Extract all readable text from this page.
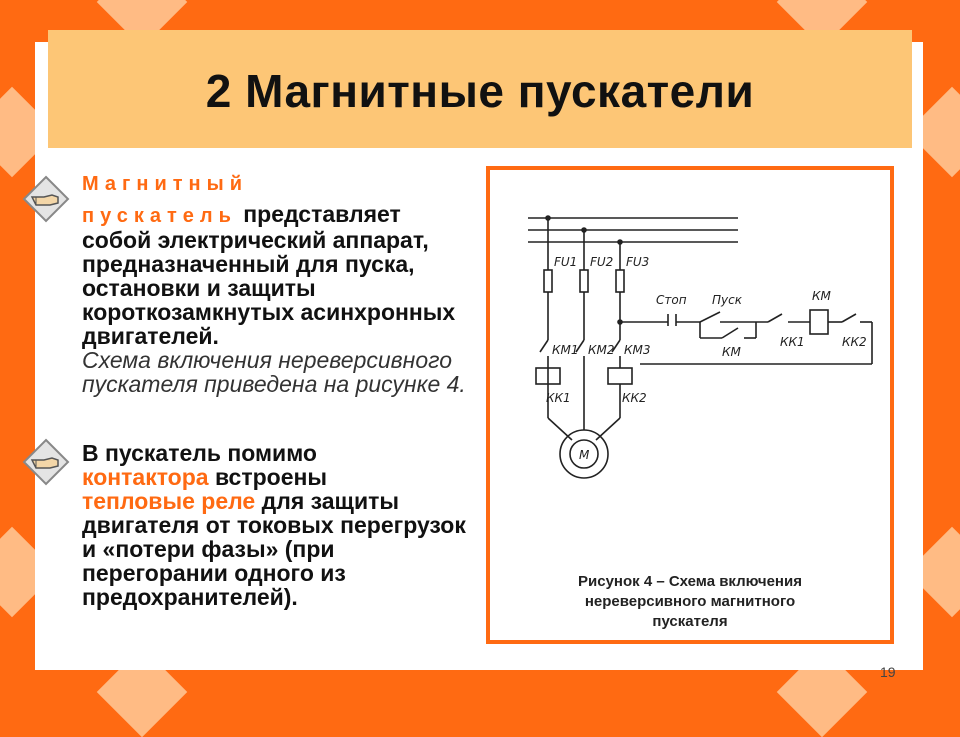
2 Магнитные пускатели
Магнитный
пускатель представляет
собой электрический аппарат, предназначенный для пуска, остановки и защиты короткозамкнутых асинхронных двигателей.
Схема включения нереверсивного пускателя приведена на рисунке 4.
В пускатель помимо
контактора встроены
тепловые реле для защиты двигателя от токовых перегрузок и «потери фазы» (при перегорании одного из предохранителей).
FU1 FU2 FU3
Стоп Пуск	КМ
КМ
КК1	КК2
КМ1 КМ2 КМ3
КК1	КК2
М
Рисунок 4 – Схема включения
нереверсивного магнитного
пускателя
19
